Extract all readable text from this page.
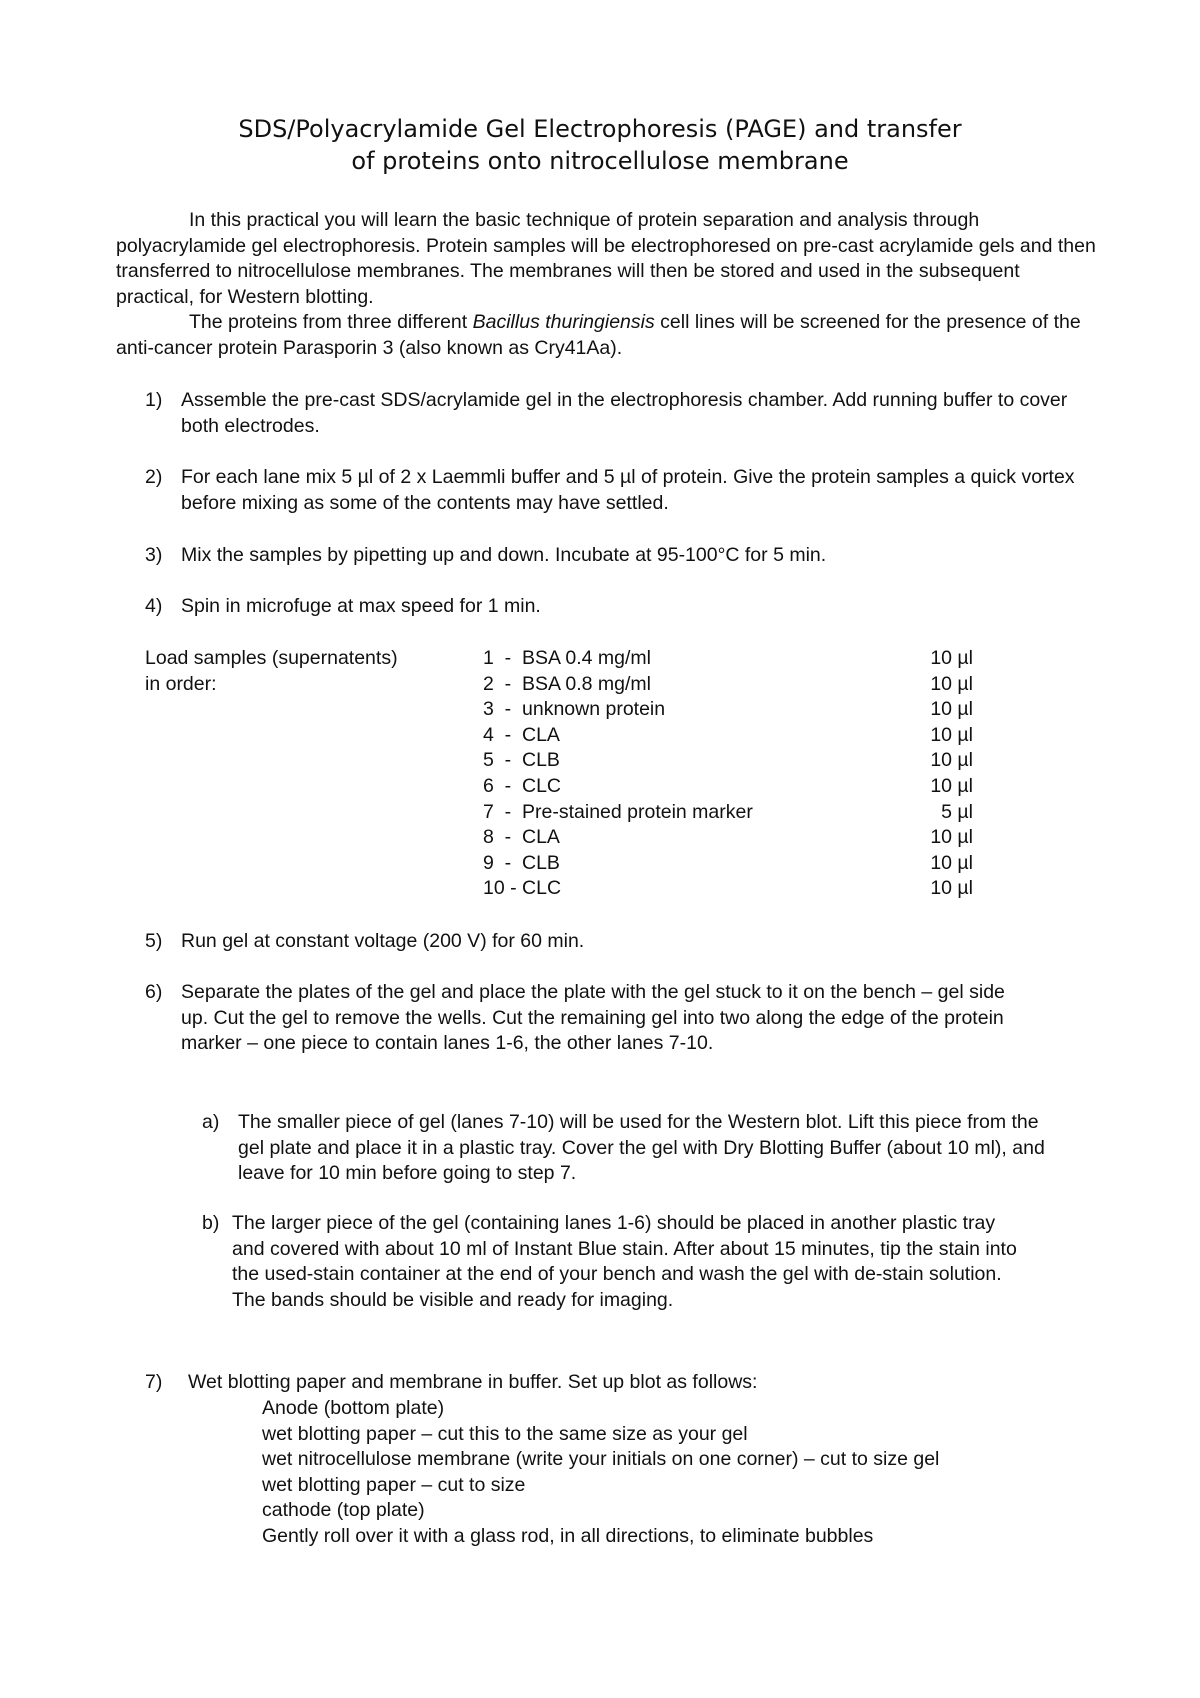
SDS/Polyacrylamide Gel Electrophoresis (PAGE) and transfer
of proteins onto nitrocellulose membrane

In this practical you will learn the basic technique of protein separation and analysis through polyacrylamide gel electrophoresis. Protein samples will be electrophoresed on pre-cast acrylamide gels and then transferred to nitrocellulose membranes. The membranes will then be stored and used in the subsequent practical, for Western blotting.

The proteins from three different Bacillus thuringiensis cell lines will be screened for the presence of the anti-cancer protein Parasporin 3 (also known as Cry41Aa).

1) Assemble the pre-cast SDS/acrylamide gel in the electrophoresis chamber. Add running buffer to cover both electrodes.
2) For each lane mix 5 µl of 2 x Laemmli buffer and 5 µl of protein. Give the protein samples a quick vortex before mixing as some of the contents may have settled.
3) Mix the samples by pipetting up and down. Incubate at 95-100°C for 5 min.
4) Spin in microfuge at max speed for 1 min.
Load samples (supernatents)
in order:
1  -  BSA 0.4 mg/ml	10 µl
2  -  BSA 0.8 mg/ml	10 µl
3  -  unknown protein	10 µl
4  -  CLA	10 µl
5  -  CLB	10 µl
6  -  CLC	10 µl
7  -  Pre-stained protein marker	5 µl
8  -  CLA	10 µl
9  -  CLB	10 µl
10 - CLC	10 µl
5) Run gel at constant voltage (200 V) for 60 min.
6) Separate the plates of the gel and place the plate with the gel stuck to it on the bench – gel side up. Cut the gel to remove the wells. Cut the remaining gel into two along the edge of the protein marker – one piece to contain lanes 1-6, the other lanes 7-10.
a) The smaller piece of gel (lanes 7-10) will be used for the Western blot. Lift this piece from the gel plate and place it in a plastic tray. Cover the gel with Dry Blotting Buffer (about 10 ml), and leave for 10 min before going to step 7.
b) The larger piece of the gel (containing lanes 1-6) should be placed in another plastic tray and covered with about 10 ml of Instant Blue stain. After about 15 minutes, tip the stain into the used-stain container at the end of your bench and wash the gel with de-stain solution. The bands should be visible and ready for imaging.
7) Wet blotting paper and membrane in buffer. Set up blot as follows:
Anode (bottom plate)
wet blotting paper – cut this to the same size as your gel
wet nitrocellulose membrane (write your initials on one corner) – cut to size gel
wet blotting paper – cut to size
cathode (top plate)
Gently roll over it with a glass rod, in all directions, to eliminate bubbles
